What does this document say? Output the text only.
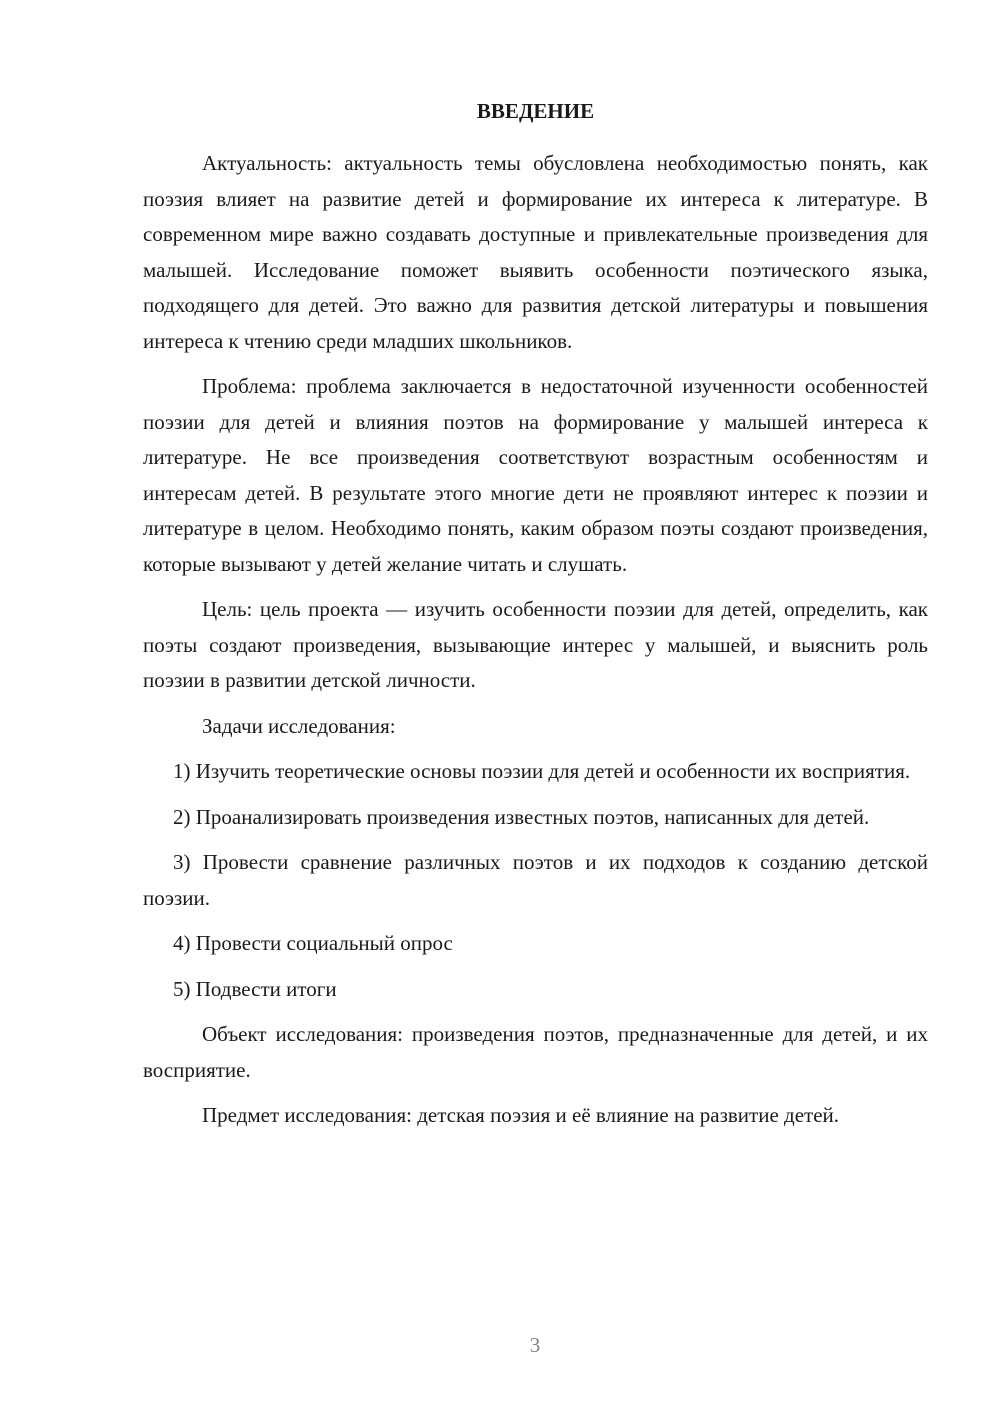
ВВЕДЕНИЕ

Актуальность: актуальность темы обусловлена необходимостью понять, как поэзия влияет на развитие детей и формирование их интереса к литературе. В современном мире важно создавать доступные и привлекательные произведения для малышей. Исследование поможет выявить особенности поэтического языка, подходящего для детей. Это важно для развития детской литературы и повышения интереса к чтению среди младших школьников.

Проблема: проблема заключается в недостаточной изученности особенностей поэзии для детей и влияния поэтов на формирование у малышей интереса к литературе. Не все произведения соответствуют возрастным особенностям и интересам детей. В результате этого многие дети не проявляют интерес к поэзии и литературе в целом. Необходимо понять, каким образом поэты создают произведения, которые вызывают у детей желание читать и слушать.

Цель: цель проекта — изучить особенности поэзии для детей, определить, как поэты создают произведения, вызывающие интерес у малышей, и выяснить роль поэзии в развитии детской личности.

Задачи исследования:

1) Изучить теоретические основы поэзии для детей и особенности их восприятия.

2) Проанализировать произведения известных поэтов, написанных для детей.

3) Провести сравнение различных поэтов и их подходов к созданию детской поэзии.

4) Провести социальный опрос

5) Подвести итоги

Объект исследования: произведения поэтов, предназначенные для детей, и их восприятие.

Предмет исследования: детская поэзия и её влияние на развитие детей.

3
